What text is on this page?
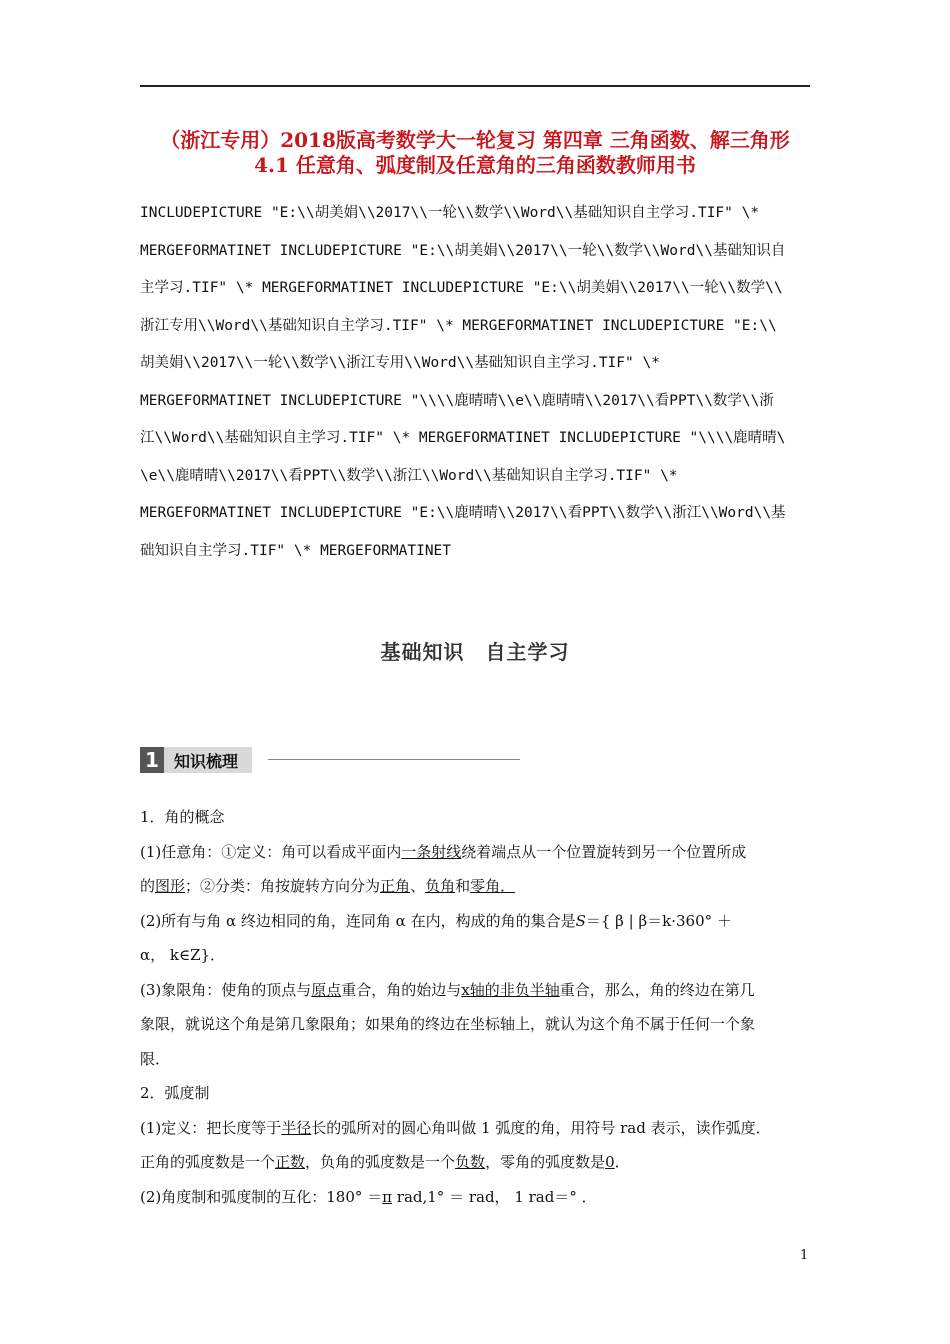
（浙江专用）2018版高考数学大一轮复习 第四章 三角函数、解三角形
4.1 任意角、弧度制及任意角的三角函数教师用书

INCLUDEPICTURE "E:\\胡美娟\\2017\\一轮\\数学\\Word\\基础知识自主学习.TIF" \*

MERGEFORMATINET INCLUDEPICTURE "E:\\胡美娟\\2017\\一轮\\数学\\Word\\基础知识自

主学习.TIF" \* MERGEFORMATINET INCLUDEPICTURE "E:\\胡美娟\\2017\\一轮\\数学\\

浙江专用\\Word\\基础知识自主学习.TIF" \* MERGEFORMATINET INCLUDEPICTURE "E:\\

胡美娟\\2017\\一轮\\数学\\浙江专用\\Word\\基础知识自主学习.TIF" \*

MERGEFORMATINET INCLUDEPICTURE "\\\\鹿晴晴\\e\\鹿晴晴\\2017\\看PPT\\数学\\浙

江\\Word\\基础知识自主学习.TIF" \* MERGEFORMATINET INCLUDEPICTURE "\\\\鹿晴晴\

\e\\鹿晴晴\\2017\\看PPT\\数学\\浙江\\Word\\基础知识自主学习.TIF" \*

MERGEFORMATINET INCLUDEPICTURE "E:\\鹿晴晴\\2017\\看PPT\\数学\\浙江\\Word\\基

础知识自主学习.TIF" \* MERGEFORMATINET

基础知识　自主学习
1 知识梳理

1．角的概念

(1)任意角：①定义：角可以看成平面内一条射线绕着端点从一个位置旋转到另一个位置所成

的图形；②分类：角按旋转方向分为正角、负角和零角．

(2)所有与角 α 终边相同的角，连同角 α 在内，构成的角的集合是S＝{ β | β＝k·360° ＋

α， k∈Z}．

(3)象限角：使角的顶点与原点重合，角的始边与x轴的非负半轴重合，那么，角的终边在第几

象限，就说这个角是第几象限角；如果角的终边在坐标轴上，就认为这个角不属于任何一个象

限．

2．弧度制

(1)定义：把长度等于半径长的弧所对的圆心角叫做 1 弧度的角，用符号 rad 表示，读作弧度．

正角的弧度数是一个正数，负角的弧度数是一个负数，零角的弧度数是0．

(2)角度制和弧度制的互化：180° ＝π rad,1° ＝ rad， 1 rad＝° ．

1
